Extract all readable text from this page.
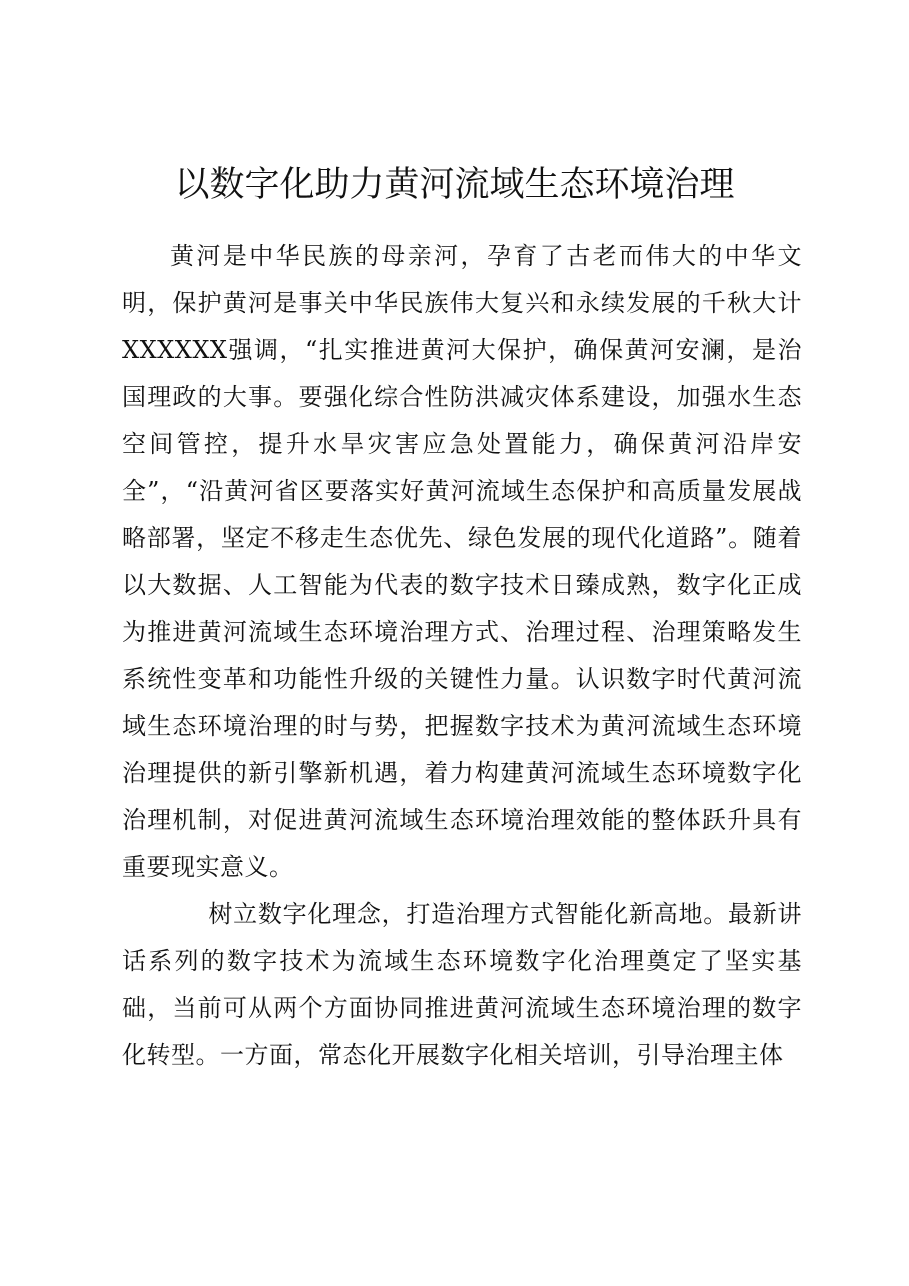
以数字化助力黄河流域生态环境治理

黄河是中华民族的母亲河，孕育了古老而伟大的中华文明，保护黄河是事关中华民族伟大复兴和永续发展的千秋大计XXXXXX强调，“扎实推进黄河大保护，确保黄河安澜，是治国理政的大事。要强化综合性防洪减灾体系建设，加强水生态空间管控，提升水旱灾害应急处置能力，确保黄河沿岸安全”，“沿黄河省区要落实好黄河流域生态保护和高质量发展战略部署，坚定不移走生态优先、绿色发展的现代化道路”。随着以大数据、人工智能为代表的数字技术日臻成熟，数字化正成为推进黄河流域生态环境治理方式、治理过程、治理策略发生系统性变革和功能性升级的关键性力量。认识数字时代黄河流域生态环境治理的时与势，把握数字技术为黄河流域生态环境治理提供的新引擎新机遇，着力构建黄河流域生态环境数字化治理机制，对促进黄河流域生态环境治理效能的整体跃升具有重要现实意义。

树立数字化理念，打造治理方式智能化新高地。最新讲话系列的数字技术为流域生态环境数字化治理奠定了坚实基础，当前可从两个方面协同推进黄河流域生态环境治理的数字化转型。一方面，常态化开展数字化相关培训，引导治理主体
